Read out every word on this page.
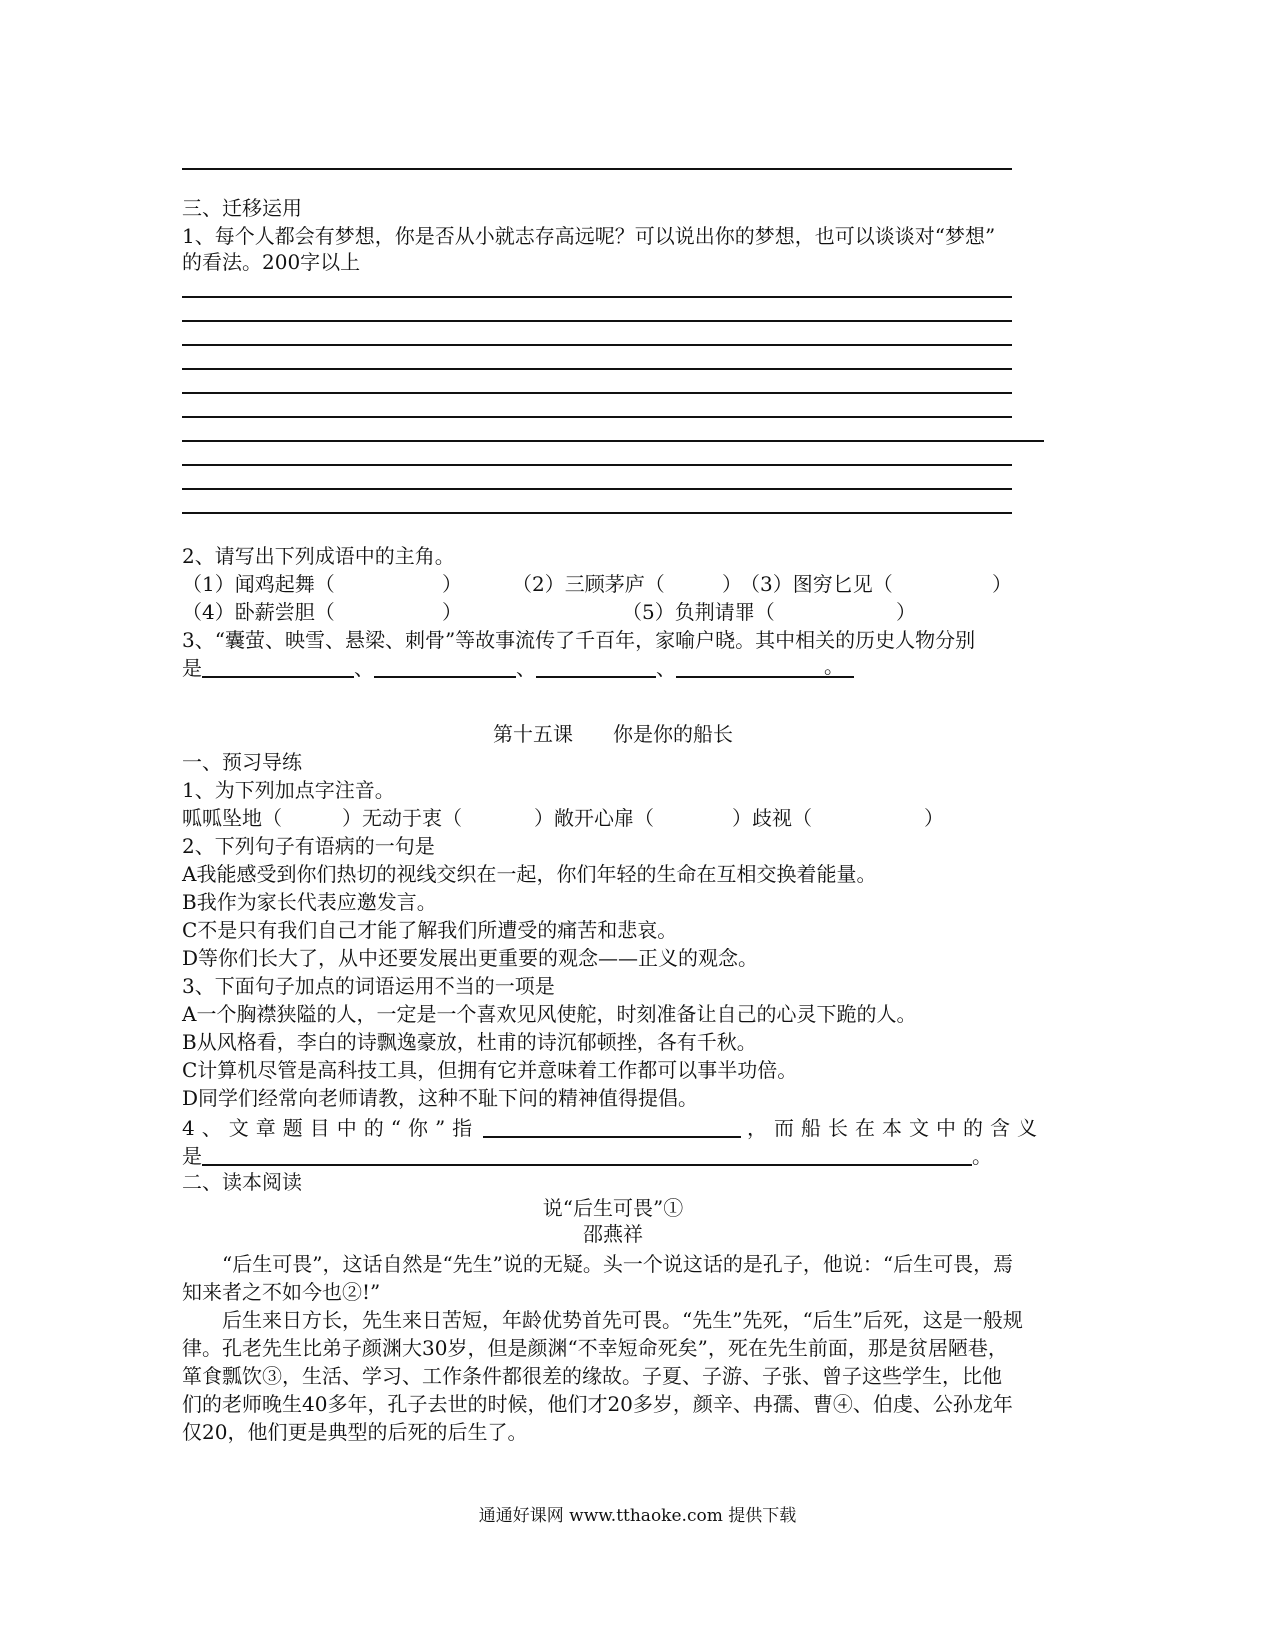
三、迁移运用
1、每个人都会有梦想，你是否从小就志存高远呢？可以说出你的梦想，也可以谈谈对“梦想”
的看法。200字以上
2、请写出下列成语中的主角。
（1）闻鸡起舞（	）	（2）三顾茅庐（	）
（3）图穷匕见（	）
（4）卧薪尝胆（	）	（5）负荆请罪（	）
3、“囊萤、映雪、悬梁、刺骨”等故事流传了千百年，家喻户晓。其中相关的历史人物分别
是	、	、	、	。
第十五课　　你是你的船长
一、预习导练
1、为下列加点字注音。
呱呱坠地（	）无动于衷（	）敞开心扉（	）歧视（	）
2、下列句子有语病的一句是
A我能感受到你们热切的视线交织在一起，你们年轻的生命在互相交换着能量。
B我作为家长代表应邀发言。
C不是只有我们自己才能了解我们所遭受的痛苦和悲哀。
D等你们长大了，从中还要发展出更重要的观念——正义的观念。
3、下面句子加点的词语运用不当的一项是
A一个胸襟狭隘的人，一定是一个喜欢见风使舵，时刻准备让自己的心灵下跪的人。
B从风格看，李白的诗飘逸豪放，杜甫的诗沉郁顿挫，各有千秋。
C计算机尽管是高科技工具，但拥有它并意味着工作都可以事半功倍。
D同学们经常向老师请教，这种不耻下问的精神值得提倡。
4、文章题目中的“你”指	，而船长在本文中的含义
是	。
二、读本阅读
说“后生可畏”①
邵燕祥
“后生可畏”，这话自然是“先生”说的无疑。头一个说这话的是孔子，他说：“后生可畏，焉
知来者之不如今也②!”
后生来日方长，先生来日苦短，年龄优势首先可畏。“先生”先死，“后生”后死，这是一般规
律。孔老先生比弟子颜渊大30岁，但是颜渊“不幸短命死矣”，死在先生前面，那是贫居陋巷，
箪食瓢饮③，生活、学习、工作条件都很差的缘故。子夏、子游、子张、曾子这些学生，比他
们的老师晚生40多年，孔子去世的时候，他们才20多岁，颜辛、冉孺、曹④、伯虔、公孙龙年
仅20，他们更是典型的后死的后生了。
通通好课网 www.tthaoke.com 提供下载
